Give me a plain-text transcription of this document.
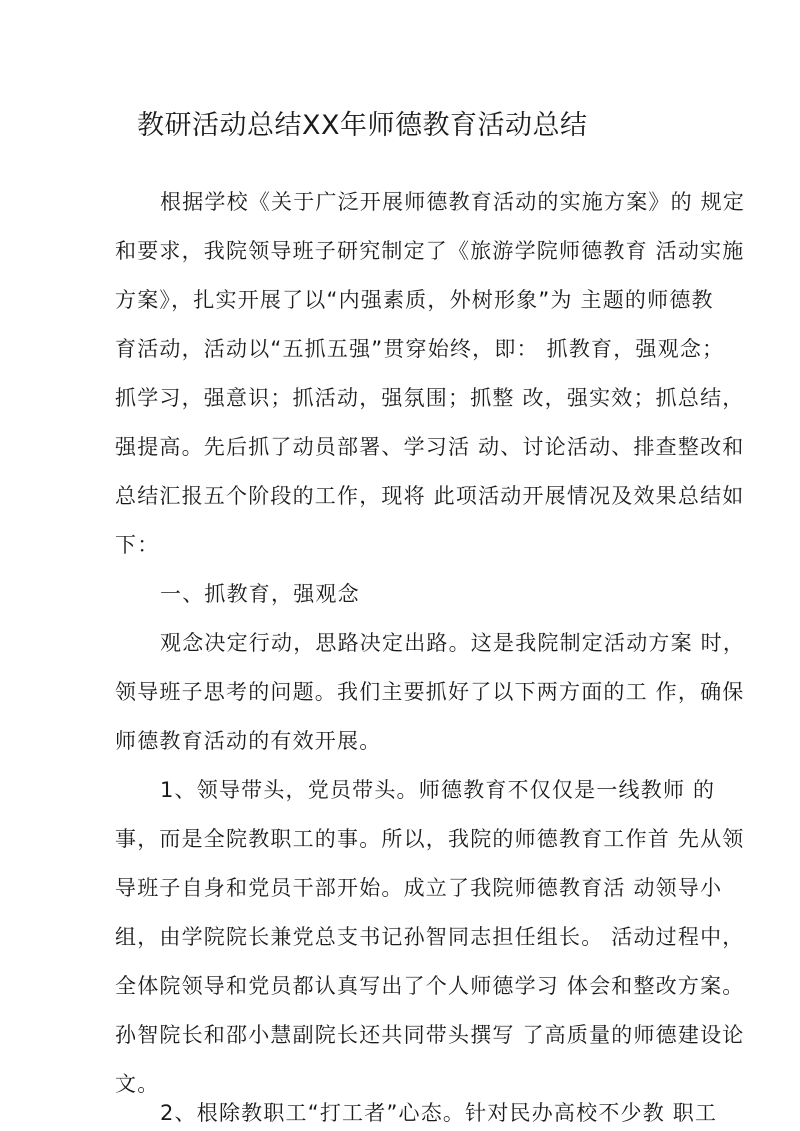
教研活动总结XX年师德教育活动总结
根据学校《关于广泛开展师德教育活动的实施方案》的 规定
和要求，我院领导班子研究制定了《旅游学院师德教育 活动实施
方案》，扎实开展了以“内强素质，外树形象”为 主题的师德教
育活动，活动以“五抓五强”贯穿始终，即： 抓教育，强观念；
抓学习，强意识；抓活动，强氛围；抓整 改，强实效；抓总结，
强提高。先后抓了动员部署、学习活 动、讨论活动、排查整改和
总结汇报五个阶段的工作，现将 此项活动开展情况及效果总结如
下：
一、抓教育，强观念
观念决定行动，思路决定出路。这是我院制定活动方案 时，
领导班子思考的问题。我们主要抓好了以下两方面的工 作，确保
师德教育活动的有效开展。
1、领导带头，党员带头。师德教育不仅仅是一线教师 的
事，而是全院教职工的事。所以，我院的师德教育工作首 先从领
导班子自身和党员干部开始。成立了我院师德教育活 动领导小
组，由学院院长兼党总支书记孙智同志担任组长。 活动过程中，
全体院领导和党员都认真写出了个人师德学习 体会和整改方案。
孙智院长和邵小慧副院长还共同带头撰写 了高质量的师德建设论
文。
2、根除教职工“打工者”心态。针对民办高校不少教 职工
